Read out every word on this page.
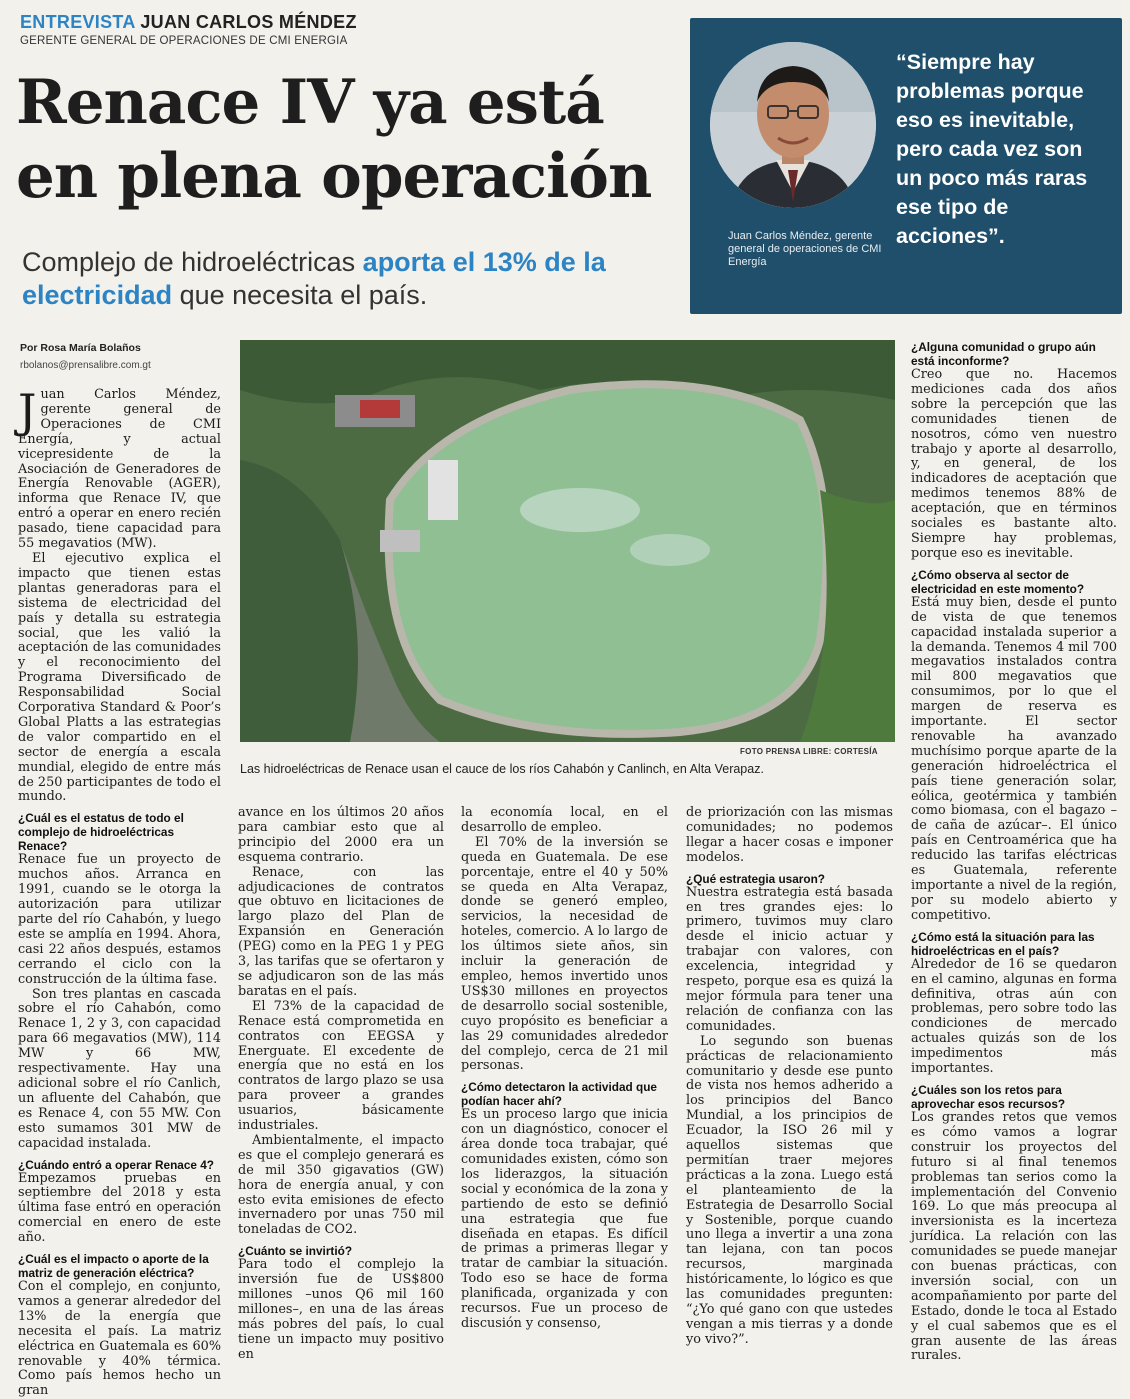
ENTREVISTA JUAN CARLOS MÉNDEZ
GERENTE GENERAL DE OPERACIONES DE CMI ENERGIA
Renace IV ya está
en plena operación
Complejo de hidroeléctricas aporta el 13% de la electricidad que necesita el país.
Juan Carlos Méndez, gerente general de operaciones de CMI Energía
“Siempre hay problemas porque eso es inevitable, pero cada vez son un poco más raras ese tipo de acciones”.
Por Rosa María Bolaños
rbolanos@prensalibre.com.gt
FOTO PRENSA LIBRE: CORTESÍA
Las hidroeléctricas de Renace usan el cauce de los ríos Cahabón y Canlinch, en Alta Verapaz.

Juan Carlos Méndez, gerente general de Operaciones de CMI Energía, y actual vicepresidente de la Asociación de Generadores de Energía Renovable (AGER), informa que Renace IV, que entró a operar en enero recién pasado, tiene capacidad para 55 megavatios (MW).

El ejecutivo explica el impacto que tienen estas plantas generadoras para el sistema de electricidad del país y detalla su estrategia social, que les valió la aceptación de las comunidades y el reconocimiento del Programa Diversificado de Responsabilidad Social Corporativa Standard & Poor’s Global Platts a las estrategias de valor compartido en el sector de energía a escala mundial, elegido de entre más de 250 participantes de todo el mundo.

¿Cuál es el estatus de todo el complejo de hidroeléctricas Renace?

Renace fue un proyecto de muchos años. Arranca en 1991, cuando se le otorga la autorización para utilizar parte del río Cahabón, y luego este se amplía en 1994. Ahora, casi 22 años después, estamos cerrando el ciclo con la construcción de la última fase.

Son tres plantas en cascada sobre el río Cahabón, como Renace 1, 2 y 3, con capacidad para 66 megavatios (MW), 114 MW y 66 MW, respectivamente. Hay una adicional sobre el río Canlich, un afluente del Cahabón, que es Renace 4, con 55 MW. Con esto sumamos 301 MW de capacidad instalada.

¿Cuándo entró a operar Renace 4?

Empezamos pruebas en septiembre del 2018 y esta última fase entró en operación comercial en enero de este año.

¿Cuál es el impacto o aporte de la matriz de generación eléctrica?

Con el complejo, en conjunto, vamos a generar alrededor del 13% de la energía que necesita el país. La matriz eléctrica en Guatemala es 60% renovable y 40% térmica. Como país hemos hecho un gran

avance en los últimos 20 años para cambiar esto que al principio del 2000 era un esquema contrario.

Renace, con las adjudicaciones de contratos que obtuvo en licitaciones de largo plazo del Plan de Expansión en Generación (PEG) como en la PEG 1 y PEG 3, las tarifas que se ofertaron y se adjudicaron son de las más baratas en el país.

El 73% de la capacidad de Renace está comprometida en contratos con EEGSA y Energuate. El excedente de energía que no está en los contratos de largo plazo se usa para proveer a grandes usuarios, básicamente industriales.

Ambientalmente, el impacto es que el complejo generará es de mil 350 gigavatios (GW) hora de energía anual, y con esto evita emisiones de efecto invernadero por unas 750 mil toneladas de CO2.

¿Cuánto se invirtió?

Para todo el complejo la inversión fue de US$800 millones –unos Q6 mil 160 millones–, en una de las áreas más pobres del país, lo cual tiene un impacto muy positivo en

la economía local, en el desarrollo de empleo.

El 70% de la inversión se queda en Guatemala. De ese porcentaje, entre el 40 y 50% se queda en Alta Verapaz, donde se generó empleo, servicios, la necesidad de hoteles, comercio. A lo largo de los últimos siete años, sin incluir la generación de empleo, hemos invertido unos US$30 millones en proyectos de desarrollo social sostenible, cuyo propósito es beneficiar a las 29 comunidades alrededor del complejo, cerca de 21 mil personas.

¿Cómo detectaron la actividad que podían hacer ahí?

Es un proceso largo que inicia con un diagnóstico, conocer el área donde toca trabajar, qué comunidades existen, cómo son los liderazgos, la situación social y económica de la zona y partiendo de esto se definió una estrategia que fue diseñada en etapas. Es difícil de primas a primeras llegar y tratar de cambiar la situación. Todo eso se hace de forma planificada, organizada y con recursos. Fue un proceso de discusión y consenso,

de priorización con las mismas comunidades; no podemos llegar a hacer cosas e imponer modelos.

¿Qué estrategia usaron?

Nuestra estrategia está basada en tres grandes ejes: lo primero, tuvimos muy claro desde el inicio actuar y trabajar con valores, con excelencia, integridad y respeto, porque esa es quizá la mejor fórmula para tener una relación de confianza con las comunidades.

Lo segundo son buenas prácticas de relacionamiento comunitario y desde ese punto de vista nos hemos adherido a los principios del Banco Mundial, a los principios de Ecuador, la ISO 26 mil y aquellos sistemas que permitían traer mejores prácticas a la zona. Luego está el planteamiento de la Estrategia de Desarrollo Social y Sostenible, porque cuando uno llega a invertir a una zona tan lejana, con tan pocos recursos, marginada históricamente, lo lógico es que las comunidades pregunten: “¿Yo qué gano con que ustedes vengan a mis tierras y a donde yo vivo?”.

¿Alguna comunidad o grupo aún está inconforme?

Creo que no. Hacemos mediciones cada dos años sobre la percepción que las comunidades tienen de nosotros, cómo ven nuestro trabajo y aporte al desarrollo, y, en general, de los indicadores de aceptación que medimos tenemos 88% de aceptación, que en términos sociales es bastante alto. Siempre hay problemas, porque eso es inevitable.

¿Cómo observa al sector de electricidad en este momento?

Está muy bien, desde el punto de vista de que tenemos capacidad instalada superior a la demanda. Tenemos 4 mil 700 megavatios instalados contra mil 800 megavatios que consumimos, por lo que el margen de reserva es importante. El sector renovable ha avanzado muchísimo porque aparte de la generación hidroeléctrica el país tiene generación solar, eólica, geotérmica y también como biomasa, con el bagazo –de caña de azúcar–. El único país en Centroamérica que ha reducido las tarifas eléctricas es Guatemala, referente importante a nivel de la región, por su modelo abierto y competitivo.

¿Cómo está la situación para las hidroeléctricas en el país?

Alrededor de 16 se quedaron en el camino, algunas en forma definitiva, otras aún con problemas, pero sobre todo las condiciones de mercado actuales quizás son de los impedimentos más importantes.

¿Cuáles son los retos para aprovechar esos recursos?

Los grandes retos que vemos es cómo vamos a lograr construir los proyectos del futuro si al final tenemos problemas tan serios como la implementación del Convenio 169. Lo que más preocupa al inversionista es la incerteza jurídica. La relación con las comunidades se puede manejar con buenas prácticas, con inversión social, con un acompañamiento por parte del Estado, donde le toca al Estado y el cual sabemos que es el gran ausente de las áreas rurales.
